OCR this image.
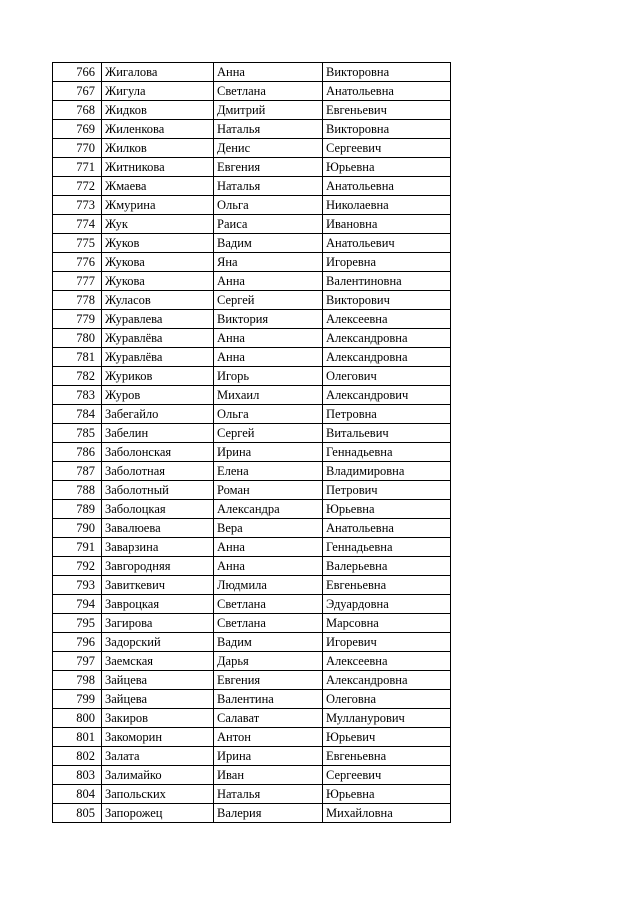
766	Жигалова	Анна	Викторовна
767	Жигула	Светлана	Анатольевна
768	Жидков	Дмитрий	Евгеньевич
769	Жиленкова	Наталья	Викторовна
770	Жилков	Денис	Сергеевич
771	Житникова	Евгения	Юрьевна
772	Жмаева	Наталья	Анатольевна
773	Жмурина	Ольга	Николаевна
774	Жук	Раиса	Ивановна
775	Жуков	Вадим	Анатольевич
776	Жукова	Яна	Игоревна
777	Жукова	Анна	Валентиновна
778	Жуласов	Сергей	Викторович
779	Журавлева	Виктория	Алексеевна
780	Журавлёва	Анна	Александровна
781	Журавлёва	Анна	Александровна
782	Журиков	Игорь	Олегович
783	Журов	Михаил	Александрович
784	Забегайло	Ольга	Петровна
785	Забелин	Сергей	Витальевич
786	Заболонская	Ирина	Геннадьевна
787	Заболотная	Елена	Владимировна
788	Заболотный	Роман	Петрович
789	Заболоцкая	Александра	Юрьевна
790	Завалюева	Вера	Анатольевна
791	Заварзина	Анна	Геннадьевна
792	Завгородняя	Анна	Валерьевна
793	Завиткевич	Людмила	Евгеньевна
794	Завроцкая	Светлана	Эдуардовна
795	Загирова	Светлана	Марсовна
796	Задорский	Вадим	Игоревич
797	Заемская	Дарья	Алексеевна
798	Зайцева	Евгения	Александровна
799	Зайцева	Валентина	Олеговна
800	Закиров	Салават	Мулланурович
801	Закоморин	Антон	Юрьевич
802	Залата	Ирина	Евгеньевна
803	Залимайко	Иван	Сергеевич
804	Запольских	Наталья	Юрьевна
805	Запорожец	Валерия	Михайловна
